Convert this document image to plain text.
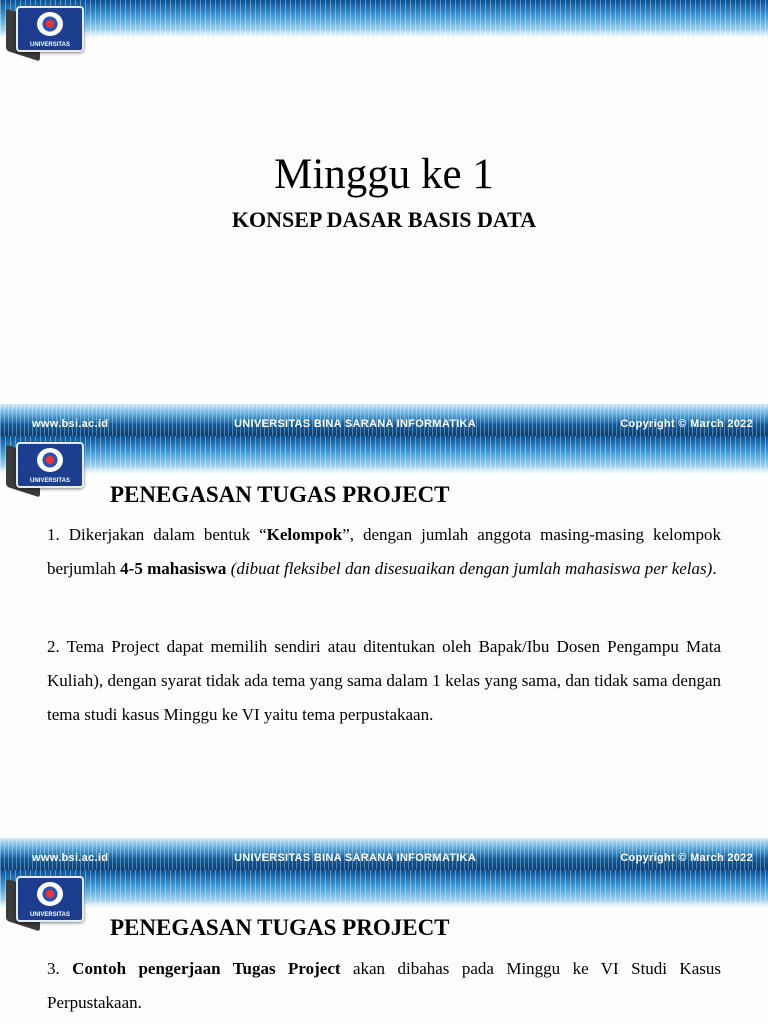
UNIVERSITAS
Minggu ke 1
KONSEP DASAR BASIS DATA
www.bsi.ac.id	UNIVERSITAS BINA SARANA INFORMATIKA	Copyright © March 2022
UNIVERSITAS
PENEGASAN TUGAS PROJECT
1. Dikerjakan dalam bentuk “Kelompok”, dengan jumlah anggota masing-masing kelompok berjumlah 4-5 mahasiswa (dibuat fleksibel dan disesuaikan dengan jumlah mahasiswa per kelas).
2. Tema Project dapat memilih sendiri atau ditentukan oleh Bapak/Ibu Dosen Pengampu Mata Kuliah), dengan syarat tidak ada tema yang sama dalam 1 kelas yang sama, dan tidak sama dengan tema studi kasus Minggu ke VI yaitu tema perpustakaan.
www.bsi.ac.id	UNIVERSITAS BINA SARANA INFORMATIKA	Copyright © March 2022
UNIVERSITAS	PENEGASAN TUGAS PROJECT
3. Contoh pengerjaan Tugas Project akan dibahas pada Minggu ke VI Studi Kasus Perpustakaan.
